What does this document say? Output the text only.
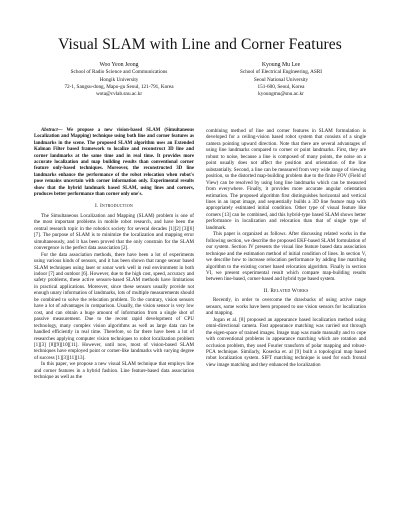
Visual SLAM with Line and Corner Features
Woo Yeon Jeong
School of Radio Science and Communications
Hongik University
72-1, Sangsu-dong, Mapo-gu Seoul, 121-791, Korea
wota@cvlab.snu.ac.kr
Kyoung Mu Lee
School of Electrical Engineering, ASRI
Seoul National University
151-600, Seoul, Korea
kyoungmu@snu.ac.kr

Abstract— We propose a new vision-based SLAM (Simultaneous Localization and Mapping) technique using both line and corner features as landmarks in the scene. The proposed SLAM algorithm uses an Extended Kalman Filter based framework to localize and reconstruct 3D line and corner landmarks at the same time and in real time. It provides more accurate localization and map building results than conventional corner feature only-based techniques. Moreover, the reconstructed 3D line landmarks enhance the performance of the robot relocation when robot's pose remains uncertain with corner information only. Experimental results show that the hybrid landmark based SLAM, using lines and corners, produces better performance than corner only one's.

I. Introduction

The Simultaneous Localization and Mapping (SLAM) problem is one of the most important problems in mobile robot research, and have been the central research topic in the robotics society for several decades [1][2] [3][6][7]. The purpose of SLAM is to minimize the localization and mapping error simultaneously, and it has been proved that the only constrain for the SLAM convergence is the perfect data association [2].

For the data association methods, there have been a lot of experiments using various kinds of sensors, and it has been shown that range sensor based SLAM techniques using laser or sonar work well in real environment in both indoor [7] and outdoor [6]. However, due to the high cost, speed, accuracy and safety problems, these active sensors-based SLAM methods have limitations in practical applications. Moreover, since these sensors usually provide not enough unary information of landmarks, lots of multiple measurements should be combined to solve the relocation problem. To the contrary, vision sensors have a lot of advantages in comparison. Usually, the vision sensor is very low cost, and can obtain a huge amount of information from a single shot of passive measurement. Due to the recent rapid development of CPU technology, many complex vision algorithms as well as large data can be handled efficiently in real time. Therefore, so far there have been a lot of researches applying computer vision techniques to robot localization problem [1][3] [8][9][10][11]. However, until now, most of vision-based SLAM techniques have employed point or corner-like landmarks with varying degree of success [1][3][11][13].

In this paper, we propose a new visual SLAM technique that employs line and corner features in a hybrid fashion. Line feature-based data association technique as well as the

combining method of line and corner features in SLAM formulation is developed for a ceiling-vision based robot system that consists of a single camera pointing upward direction. Note that there are several advantages of using line landmarks compared to corner or point landmarks. First, they are robust to noise, because a line is composed of many points, the noise on a point usually does not affect the position and orientation of the line substantially. Second, a line can be measured from very wide range of viewing position, so the distorted map-building problem due to the finite FOV (Field of View) can be resolved by using long line landmarks which can be measured from everywhere. Finally, it provides more accurate angular orientation estimation. The proposed algorithm first distinguishes horizontal and vertical lines in an input image, and sequentially builds a 3D line feature map with appropriately estimated initial condition. Other type of visual feature like corners [13] can be combined, and this hybrid-type based SLAM shows better performance in localization and relocation than that of single type of landmark.

This paper is organized as follows. After discussing related works in the following section, we describe the proposed EKF-based SLAM formulation of our system. Section IV presents the visual line feature based data association technique and the estimation method of initial condition of lines. In section V, we describe how to increase relocation performance by adding line matching algorithm to the existing corner based relocation algorithm. Finally in section VI, we present experimental result which compare map-building results between line-based, corner-based and hybrid type based system.

II. Related Works

Recently, in order to overcome the drawbacks of using active range sensors, some works have been proposed to use vision sensors for localization and mapping.

Jogan et al. [8] proposed an appearance based localization method using omni-directional camera. Fast appearance matching was carried out through the eigen-space of trained images. Image map was made manually and to cope with conventional problems in appearance matching which are rotation and occlusion problem, they used Fourier transform of polar mapping and robust- PCA technique. Similarly, Kosecka et. al [9] built a topological map based robot localization system. SIFT matching technique is used for each frontal view image matching and they enhanced the localization
